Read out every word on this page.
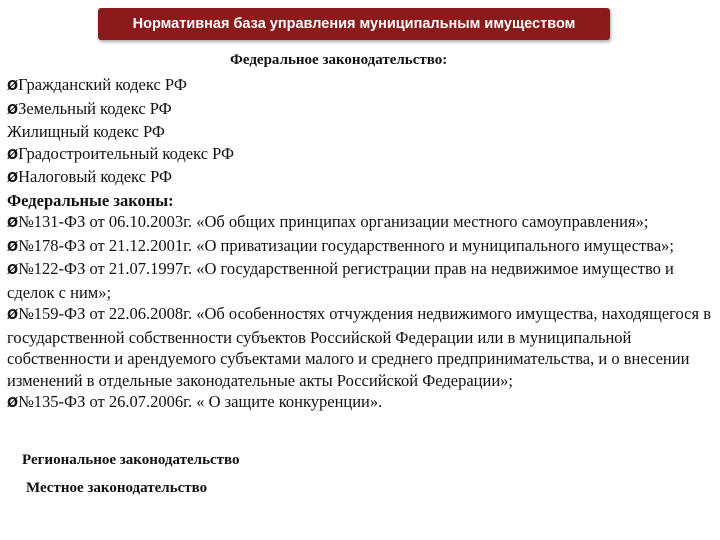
Нормативная база управления муниципальным имуществом
Федеральное законодательство:
ØГражданский кодекс РФ
ØЗемельный кодекс РФ
Жилищный кодекс РФ
ØГрадостроительный кодекс РФ
ØНалоговый кодекс РФ
Федеральные законы:
Ø№131-ФЗ от 06.10.2003г. «Об общих принципах организации местного самоуправления»;
Ø№178-ФЗ от 21.12.2001г. «О приватизации государственного и муниципального имущества»;
Ø№122-ФЗ от 21.07.1997г. «О государственной регистрации прав на недвижимое имущество и сделок с ним»;
Ø№159-ФЗ от 22.06.2008г. «Об особенностях отчуждения недвижимого имущества, находящегося в государственной собственности субъектов Российской Федерации или в муниципальной собственности и арендуемого субъектами малого и среднего предпринимательства, и о внесении изменений в отдельные законодательные акты Российской Федерации»;
Ø№135-ФЗ от 26.07.2006г. « О защите конкуренции».
Региональное законодательство
Местное законодательство
